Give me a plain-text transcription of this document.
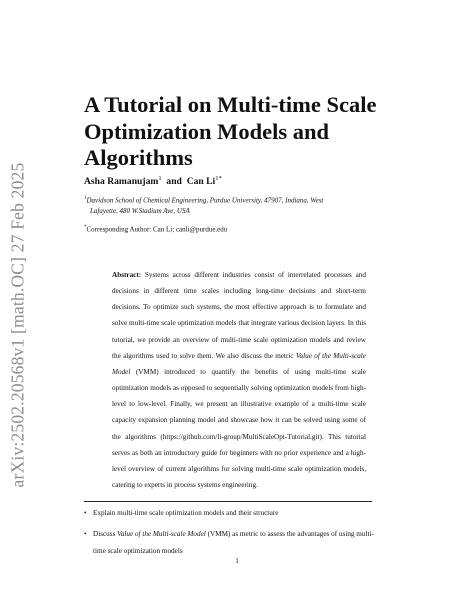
arXiv:2502.20568v1 [math.OC] 27 Feb 2025
A Tutorial on Multi-time Scale Optimization Models and Algorithms
Asha Ramanujam$^1$  and  Can $Li^{1*}$
$^1$Davidson School of Chemical Engineering, Purdue University, 47907, Indiana, West
Lafayette, 480 W.Stadium Ave, USA
*Corresponding Author: Can Li; canli@purdue.edu

Abstract: Systems across different industries consist of interrelated processes and decisions in different time scales including long-time decisions and short-term decisions. To optimize such systems, the most effective approach is to formulate and solve multi-time scale optimization models that integrate various decision layers. In this tutorial, we provide an overview of multi-time scale optimization models and review the algorithms used to solve them. We also discuss the metric Value of the Multi-scale Model (VMM) introduced to quantify the benefits of using multi-time scale optimization models as opposed to sequentially solving optimization models from high-level to low-level. Finally, we present an illustrative example of a multi-time scale capacity expansion planning model and showcase how it can be solved using some of the algorithms (https://github.com/li-group/MultiScaleOpt-Tutorial.git). This tutorial serves as both an introductory guide for beginners with no prior experience and a high-level overview of current algorithms for solving multi-time scale optimization models, catering to experts in process systems engineering.

• Explain multi-time scale optimization models and their structure
• Discuss Value of the Multi-scale Model (VMM) as metric to assess the advantages of using multi-time scale optimization models
1
